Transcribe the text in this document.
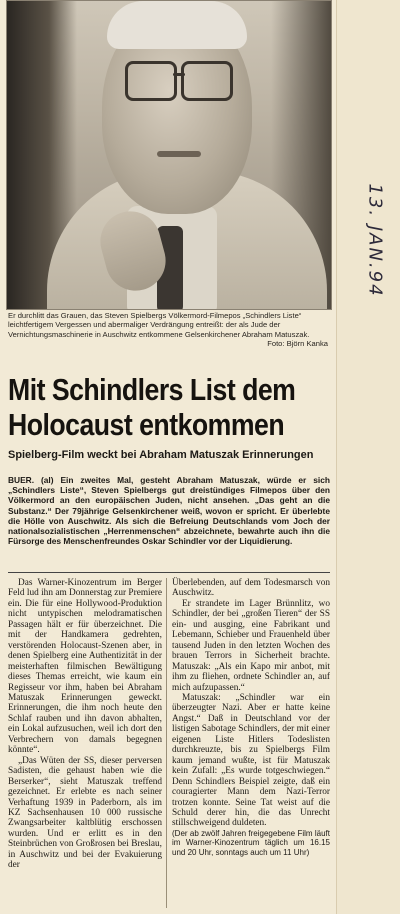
Er durchlitt das Grauen, das Steven Spielbergs Völkermord-Filmepos „Schindlers Liste“ leichtfertigem Vergessen und abermaliger Verdrängung entreißt: der als Jude der Vernichtungsmaschinerie in Auschwitz entkommene Gelsenkirchener Abraham Matuszak.
Foto: Björn Kanka
Mit Schindlers List dem
Holocaust entkommen
Spielberg-Film weckt bei Abraham Matuszak Erinnerungen
BUER. (al) Ein zweites Mal, gesteht Abraham Matuszak, würde er sich „Schindlers Liste“, Steven Spielbergs gut dreistündiges Filmepos über den Völkermord an den europäischen Juden, nicht ansehen. „Das geht an die Substanz.“ Der 79jährige Gelsenkirchener weiß, wovon er spricht. Er überlebte die Hölle von Auschwitz. Als sich die Befreiung Deutschlands vom Joch der nationalsozialistischen „Herrenmenschen“ abzeichnete, bewahrte auch ihn die Fürsorge des Menschenfreundes Oskar Schindler vor der Liquidierung.

Das Warner-Kinozentrum im Berger Feld lud ihn am Donnerstag zur Premiere ein. Die für eine Hollywood-Produktion nicht untypischen melodramatischen Passagen hält er für überzeichnet. Die mit der Handkamera gedrehten, verstörenden Holocaust-Szenen aber, in denen Spielberg eine Authentizität in der meisterhaften filmischen Bewältigung dieses Themas erreicht, wie kaum ein Regisseur vor ihm, haben bei Abraham Matuszak Erinnerungen geweckt. Erinnerungen, die ihm noch heute den Schlaf rauben und ihn davon abhalten, ein Lokal aufzusuchen, weil ich dort den Verbrechern von damals begegnen könnte“.

„Das Wüten der SS, dieser perversen Sadisten, die gehaust haben wie die Berserker“, sieht Matuszak treffend gezeichnet. Er erlebte es nach seiner Verhaftung 1939 in Paderborn, als im KZ Sachsenhausen 10 000 russische Zwangsarbeiter kaltblütig erschossen wurden. Und er erlitt es in den Steinbrüchen von Großrosen bei Breslau, in Auschwitz und bei der Evakuierung der

Überlebenden, auf dem Todesmarsch von Auschwitz.

Er strandete im Lager Brünnlitz, wo Schindler, der bei „großen Tieren“ der SS ein- und ausging, eine Fabrikant und Lebemann, Schieber und Frauenheld über tausend Juden in den letzten Wochen des brauen Terrors in Sicherheit brachte. Matuszak: „Als ein Kapo mir anbot, mit ihm zu fliehen, ordnete Schindler an, auf mich aufzupassen.“

Matuszak: „Schindler war ein überzeugter Nazi. Aber er hatte keine Angst.“ Daß in Deutschland vor der listigen Sabotage Schindlers, der mit einer eigenen Liste Hitlers Todeslisten durchkreuzte, bis zu Spielbergs Film kaum jemand wußte, ist für Matuszak kein Zufall: „Es wurde totgeschwiegen.“ Denn Schindlers Beispiel zeigte, daß ein couragierter Mann dem Nazi-Terror trotzen konnte. Seine Tat weist auf die Schuld derer hin, die das Unrecht stillschweigend duldeten.

(Der ab zwölf Jahren freigegebene Film läuft im Warner-Kinozentrum täglich um 16.15 und 20 Uhr, sonntags auch um 11 Uhr)

13. JAN.94
